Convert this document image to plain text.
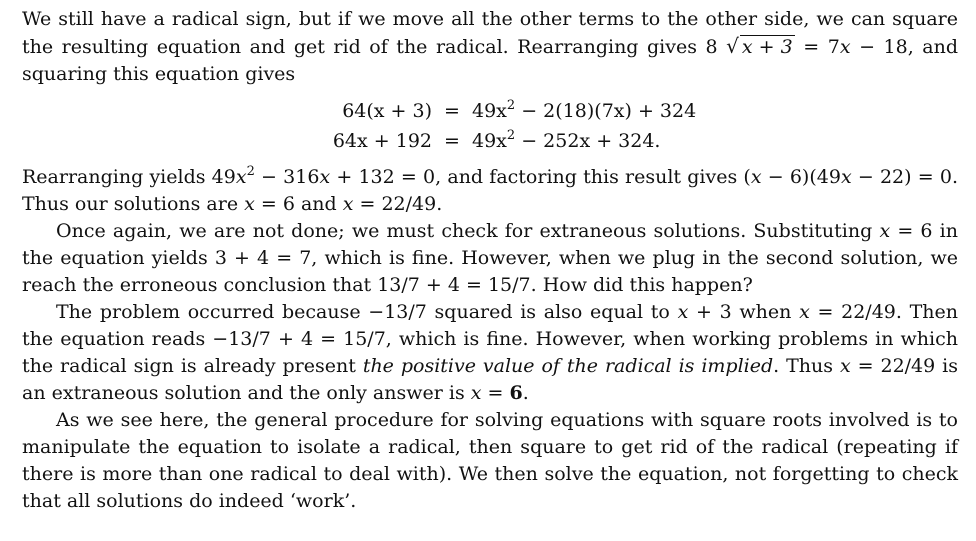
We still have a radical sign, but if we move all the other terms to the other side, we can square the resulting equation and get rid of the radical. Rearranging gives 8 √ x + 3 = 7x − 18, and squaring this equation gives

$64(x + 3) = 49x^2 - 2(18)(7x) + 324$
$64x + 192 = 49x^2 - 252x + 324$.

Rearranging yields $49x^2 - 316x + 132 = 0$, and factoring this result gives (x − 6)(49x − 22) = 0. Thus our solutions are x = 6 and x = 22/49.

Once again, we are not done; we must check for extraneous solutions. Substituting x = 6 in the equation yields 3 + 4 = 7, which is fine. However, when we plug in the second solution, we reach the erroneous conclusion that 13/7 + 4 = 15/7. How did this happen?

The problem occurred because −13/7 squared is also equal to x + 3 when x = 22/49. Then the equation reads −13/7 + 4 = 15/7, which is fine. However, when working problems in which the radical sign is already present the positive value of the radical is implied. Thus x = 22/49 is an extraneous solution and the only answer is x = 6.

As we see here, the general procedure for solving equations with square roots involved is to manipulate the equation to isolate a radical, then square to get rid of the radical (repeating if there is more than one radical to deal with). We then solve the equation, not forgetting to check that all solutions do indeed ‘work’.
